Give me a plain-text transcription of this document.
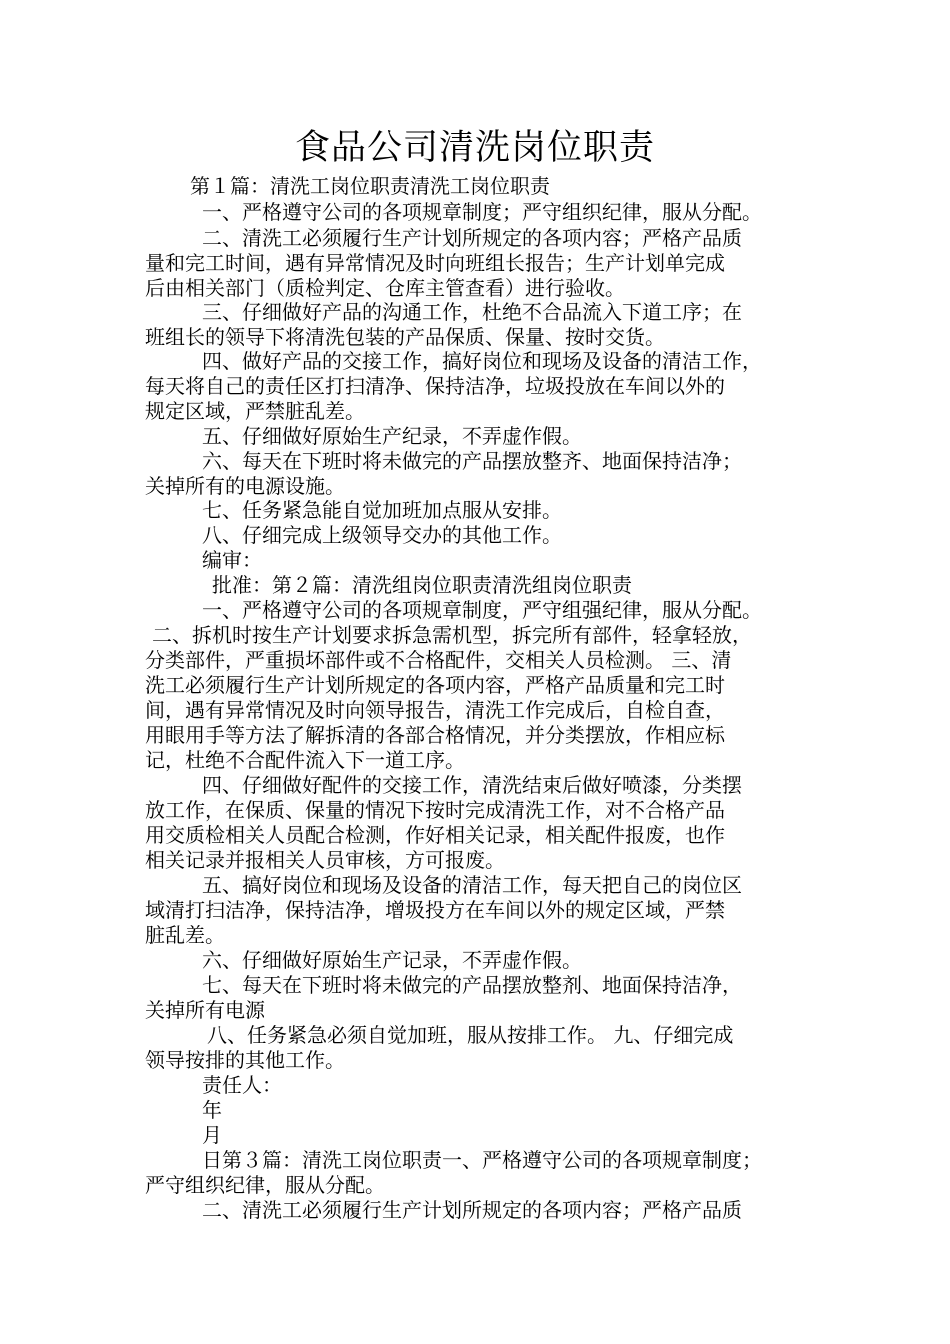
食品公司清洗岗位职责
第１篇：清洗工岗位职责清洗工岗位职责
一、严格遵守公司的各项规章制度；严守组织纪律，服从分配。
二、清洗工必须履行生产计划所规定的各项内容；严格产品质
量和完工时间，遇有异常情况及时向班组长报告；生产计划单完成
后由相关部门（质检判定、仓库主管查看）进行验收。
三、仔细做好产品的沟通工作，杜绝不合品流入下道工序；在
班组长的领导下将清洗包装的产品保质、保量、按时交货。
四、做好产品的交接工作，搞好岗位和现场及设备的清洁工作，
每天将自己的责任区打扫清净、保持洁净，垃圾投放在车间以外的
规定区域，严禁脏乱差。
五、仔细做好原始生产纪录，不弄虚作假。
六、每天在下班时将未做完的产品摆放整齐、地面保持洁净；
关掉所有的电源设施。
七、任务紧急能自觉加班加点服从安排。
八、仔细完成上级领导交办的其他工作。
编审：
批准：第２篇：清洗组岗位职责清洗组岗位职责
一、严格遵守公司的各项规章制度，严守组强纪律，服从分配。
二、拆机时按生产计划要求拆急需机型，拆完所有部件，轻拿轻放，
分类部件，严重损坏部件或不合格配件，交相关人员检测。 三、清
洗工必须履行生产计划所规定的各项内容，严格产品质量和完工时
间，遇有异常情况及时向领导报告，清洗工作完成后，自检自查，
用眼用手等方法了解拆清的各部合格情况，并分类摆放，作相应标
记，杜绝不合配件流入下一道工序。
四、仔细做好配件的交接工作，清洗结束后做好喷漆，分类摆
放工作，在保质、保量的情况下按时完成清洗工作，对不合格产品
用交质检相关人员配合检测，作好相关记录，相关配件报废，也作
相关记录并报相关人员审核，方可报废。
五、搞好岗位和现场及设备的清洁工作，每天把自己的岗位区
域清打扫洁净，保持洁净，增圾投方在车间以外的规定区域，严禁
脏乱差。
六、仔细做好原始生产记录，不弄虚作假。
七、每天在下班时将未做完的产品摆放整剂、地面保持洁净，
关掉所有电源
八、任务紧急必须自觉加班，服从按排工作。 九、仔细完成
领导按排的其他工作。
责任人：
年
月
日第３篇：清洗工岗位职责一、严格遵守公司的各项规章制度；
严守组织纪律，服从分配。
二、清洗工必须履行生产计划所规定的各项内容；严格产品质
